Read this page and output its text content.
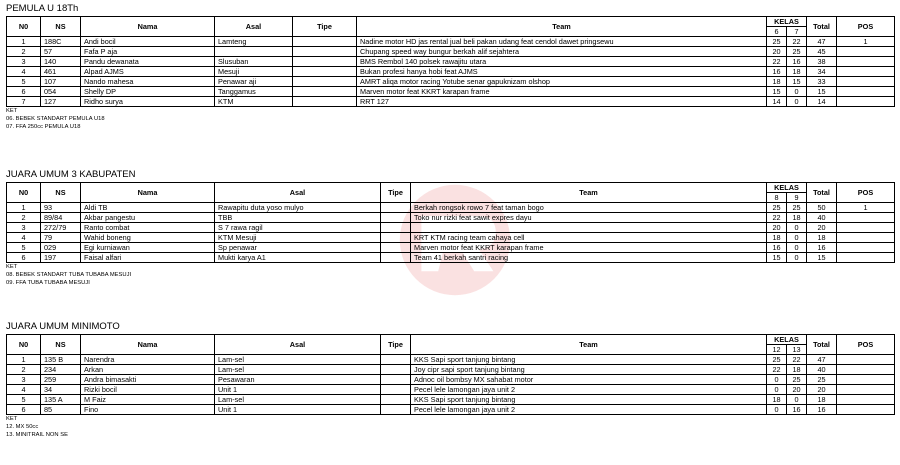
PEMULA U 18Th
N0	NS	Nama	Asal	Tipe	Team	KELAS		Total	POS
						6	7		
1	188C	Andi bocil	Lamteng		Nadine motor HD jas rental jual beli pakan udang feat cendol dawet pringsewu	25	22	47	1
2	57	Fafa P aja			Chupang speed way bungur berkah alif sejahtera	20	25	45	
3	140	Pandu dewanata	Slusuban		BMS Rembol 140 polsek rawajitu utara	22	16	38	
4	461	Alpad AJMS	Mesuji		Bukan profesi hanya hobi feat AJMS	16	18	34	
5	107	Nando mahesa	Penawar aji		AMRT aliqa motor racing Yotube senar gapuknizam olshop	18	15	33	
6	054	Shelly DP	Tanggamus		Marven motor feat KKRT karapan frame	15	0	15	
7	127	Ridho surya	KTM		RRT 127	14	0	14	
KET
06. BEBEK STANDART PEMULA U18
07. FFA 250cc PEMULA U18
JUARA UMUM 3 KABUPATEN
N0	NS	Nama	Asal	Tipe	Team	KELAS		Total	POS
						8	9		
1	93	Aldi TB	Rawapitu duta yoso mulyo		Berkah rongsok rowo 7 feat taman bogo	25	25	50	1
2	89/84	Akbar pangestu	TBB		Toko nur rizki feat sawit expres dayu	22	18	40	
3	272/79	Ranto combat	S 7 rawa ragil			20	0	20	
4	79	Wahid boneng	KTM Mesuji		KRT KTM racing team cahaya cell	18	0	18	
5	029	Egi kurniawan	Sp penawar		Marven motor feat KKRT karapan frame	16	0	16	
6	197	Faisal alfari	Mukti karya A1		Team 41 berkah santri racing	15	0	15	
KET
08. BEBEK STANDART TUBA TUBABA MESUJI
09. FFA TUBA TUBABA MESUJI
JUARA UMUM MINIMOTO
N0	NS	Nama	Asal	Tipe	Team	KELAS		Total	POS
						12	13		
1	135 B	Narendra	Lam-sel		KKS Sapi sport tanjung bintang	25	22	47	
2	234	Arkan	Lam-sel		Joy cipr sapi sport tanjung bintang	22	18	40	
3	259	Andra bimasakti	Pesawaran		Adnoc oil bombsy MX sahabat motor	0	25	25	
4	34	Rizki bocil	Unit 1		Pecel lele lamongan jaya unit 2	0	20	20	
5	135 A	M Faiz	Lam-sel		KKS Sapi sport tanjung bintang	18	0	18	
6	85	Fino	Unit 1		Pecel lele lamongan jaya unit 2	0	16	16	
KET
12. MX 50cc
13. MINITRAIL NON SE
